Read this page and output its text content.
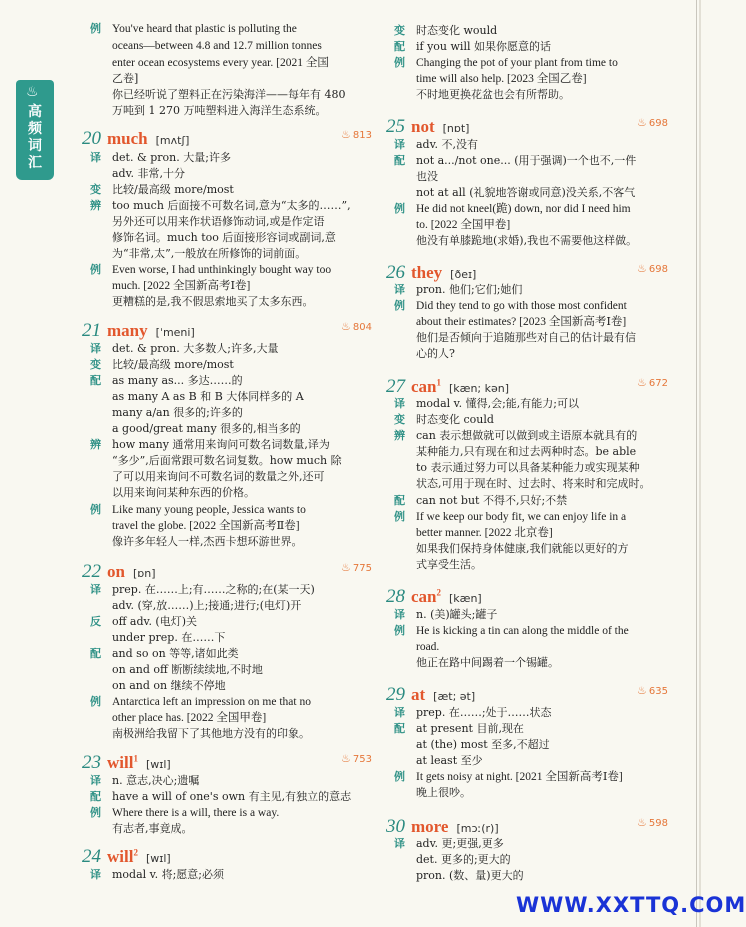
♨
高频词汇
例 You've heard that plastic is polluting the
oceans—between 4.8 and 12.7 million tonnes
enter ocean ecosystems every year. [2021 全国
乙卷]
你已经听说了塑料正在污染海洋——每年有 480
万吨到 1 270 万吨塑料进入海洋生态系统。
20 much [mʌtʃ]	♨ 813
译 det. & pron. 大量;许多
adv. 非常,十分
变 比较/最高级 more/most
辨 too much 后面接不可数名词,意为“太多的……”,
另外还可以用来作状语修饰动词,或是作定语
修饰名词。much too 后面接形容词或副词,意
为“非常,太”,一般放在所修饰的词前面。
例 Even worse, I had unthinkingly bought way too
much. [2022 全国新高考Ⅰ卷]
更糟糕的是,我不假思索地买了太多东西。
21 many [ˈmeni]	♨ 804
译 det. & pron. 大多数人;许多,大量
变 比较/最高级 more/most
配 as many as... 多达……的
as many A as B 和 B 大体同样多的 A
many a/an 很多的;许多的
a good/great many 很多的,相当多的
辨 how many 通常用来询问可数名词数量,译为
“多少”,后面常跟可数名词复数。how much 除
了可以用来询问不可数名词的数量之外,还可
以用来询问某种东西的价格。
例 Like many young people, Jessica wants to
travel the globe. [2022 全国新高考Ⅱ卷]
像许多年轻人一样,杰西卡想环游世界。
22 on [ɒn]	♨ 775
译 prep. 在……上;有……之称的;在(某一天)
adv. (穿,放……)上;接通;进行;(电灯)开
反 off adv. (电灯)关
under prep. 在……下
配 and so on 等等,诸如此类
on and off 断断续续地,不时地
on and on 继续不停地
例 Antarctica left an impression on me that no
other place has. [2022 全国甲卷]
南极洲给我留下了其他地方没有的印象。
23 will$^1$ [wɪl]	♨ 753
译 n. 意志,决心;遗嘱
配 have a will of one's own 有主见,有独立的意志
例 Where there is a will, there is a way.
有志者,事竟成。
24 will$^2$ [wɪl]
译 modal v. 将;愿意;必须
变 时态变化 would
配 if you will 如果你愿意的话
例 Changing the pot of your plant from time to
time will also help. [2023 全国乙卷]
不时地更换花盆也会有所帮助。
25 not [nɒt]	♨ 698
译 adv. 不,没有
配 not a.../not one... (用于强调)一个也不,一件
也没
not at all (礼貌地答谢或同意)没关系,不客气
例 He did not kneel(跪) down, nor did I need him
to. [2022 全国甲卷]
他没有单膝跪地(求婚),我也不需要他这样做。
26 they [ðeɪ]	♨ 698
译 pron. 他们;它们;她们
例 Did they tend to go with those most confident
about their estimates? [2023 全国新高考Ⅰ卷]
他们是否倾向于追随那些对自己的估计最有信
心的人?
27 can$^1$ [kæn; kən]	♨ 672
译 modal v. 懂得,会;能,有能力;可以
变 时态变化 could
辨 can 表示想做就可以做到或主语原本就具有的
某种能力,只有现在和过去两种时态。be able
to 表示通过努力可以具备某种能力或实现某种
状态,可用于现在时、过去时、将来时和完成时。
配 can not but 不得不,只好;不禁
例 If we keep our body fit, we can enjoy life in a
better manner. [2022 北京卷]
如果我们保持身体健康,我们就能以更好的方
式享受生活。
28 can$^2$ [kæn]
译 n. (美)罐头;罐子
例 He is kicking a tin can along the middle of the
road.
他正在路中间踢着一个锡罐。
29 at [æt; ət]	♨ 635
译 prep. 在……;处于……状态
配 at present 目前,现在
at (the) most 至多,不超过
at least 至少
例 It gets noisy at night. [2021 全国新高考Ⅰ卷]
晚上很吵。
30 more [mɔː(r)]	♨ 598
译 adv. 更;更强,更多
det. 更多的;更大的
pron. (数、量)更大的
WWW.XXTTQ.COM
